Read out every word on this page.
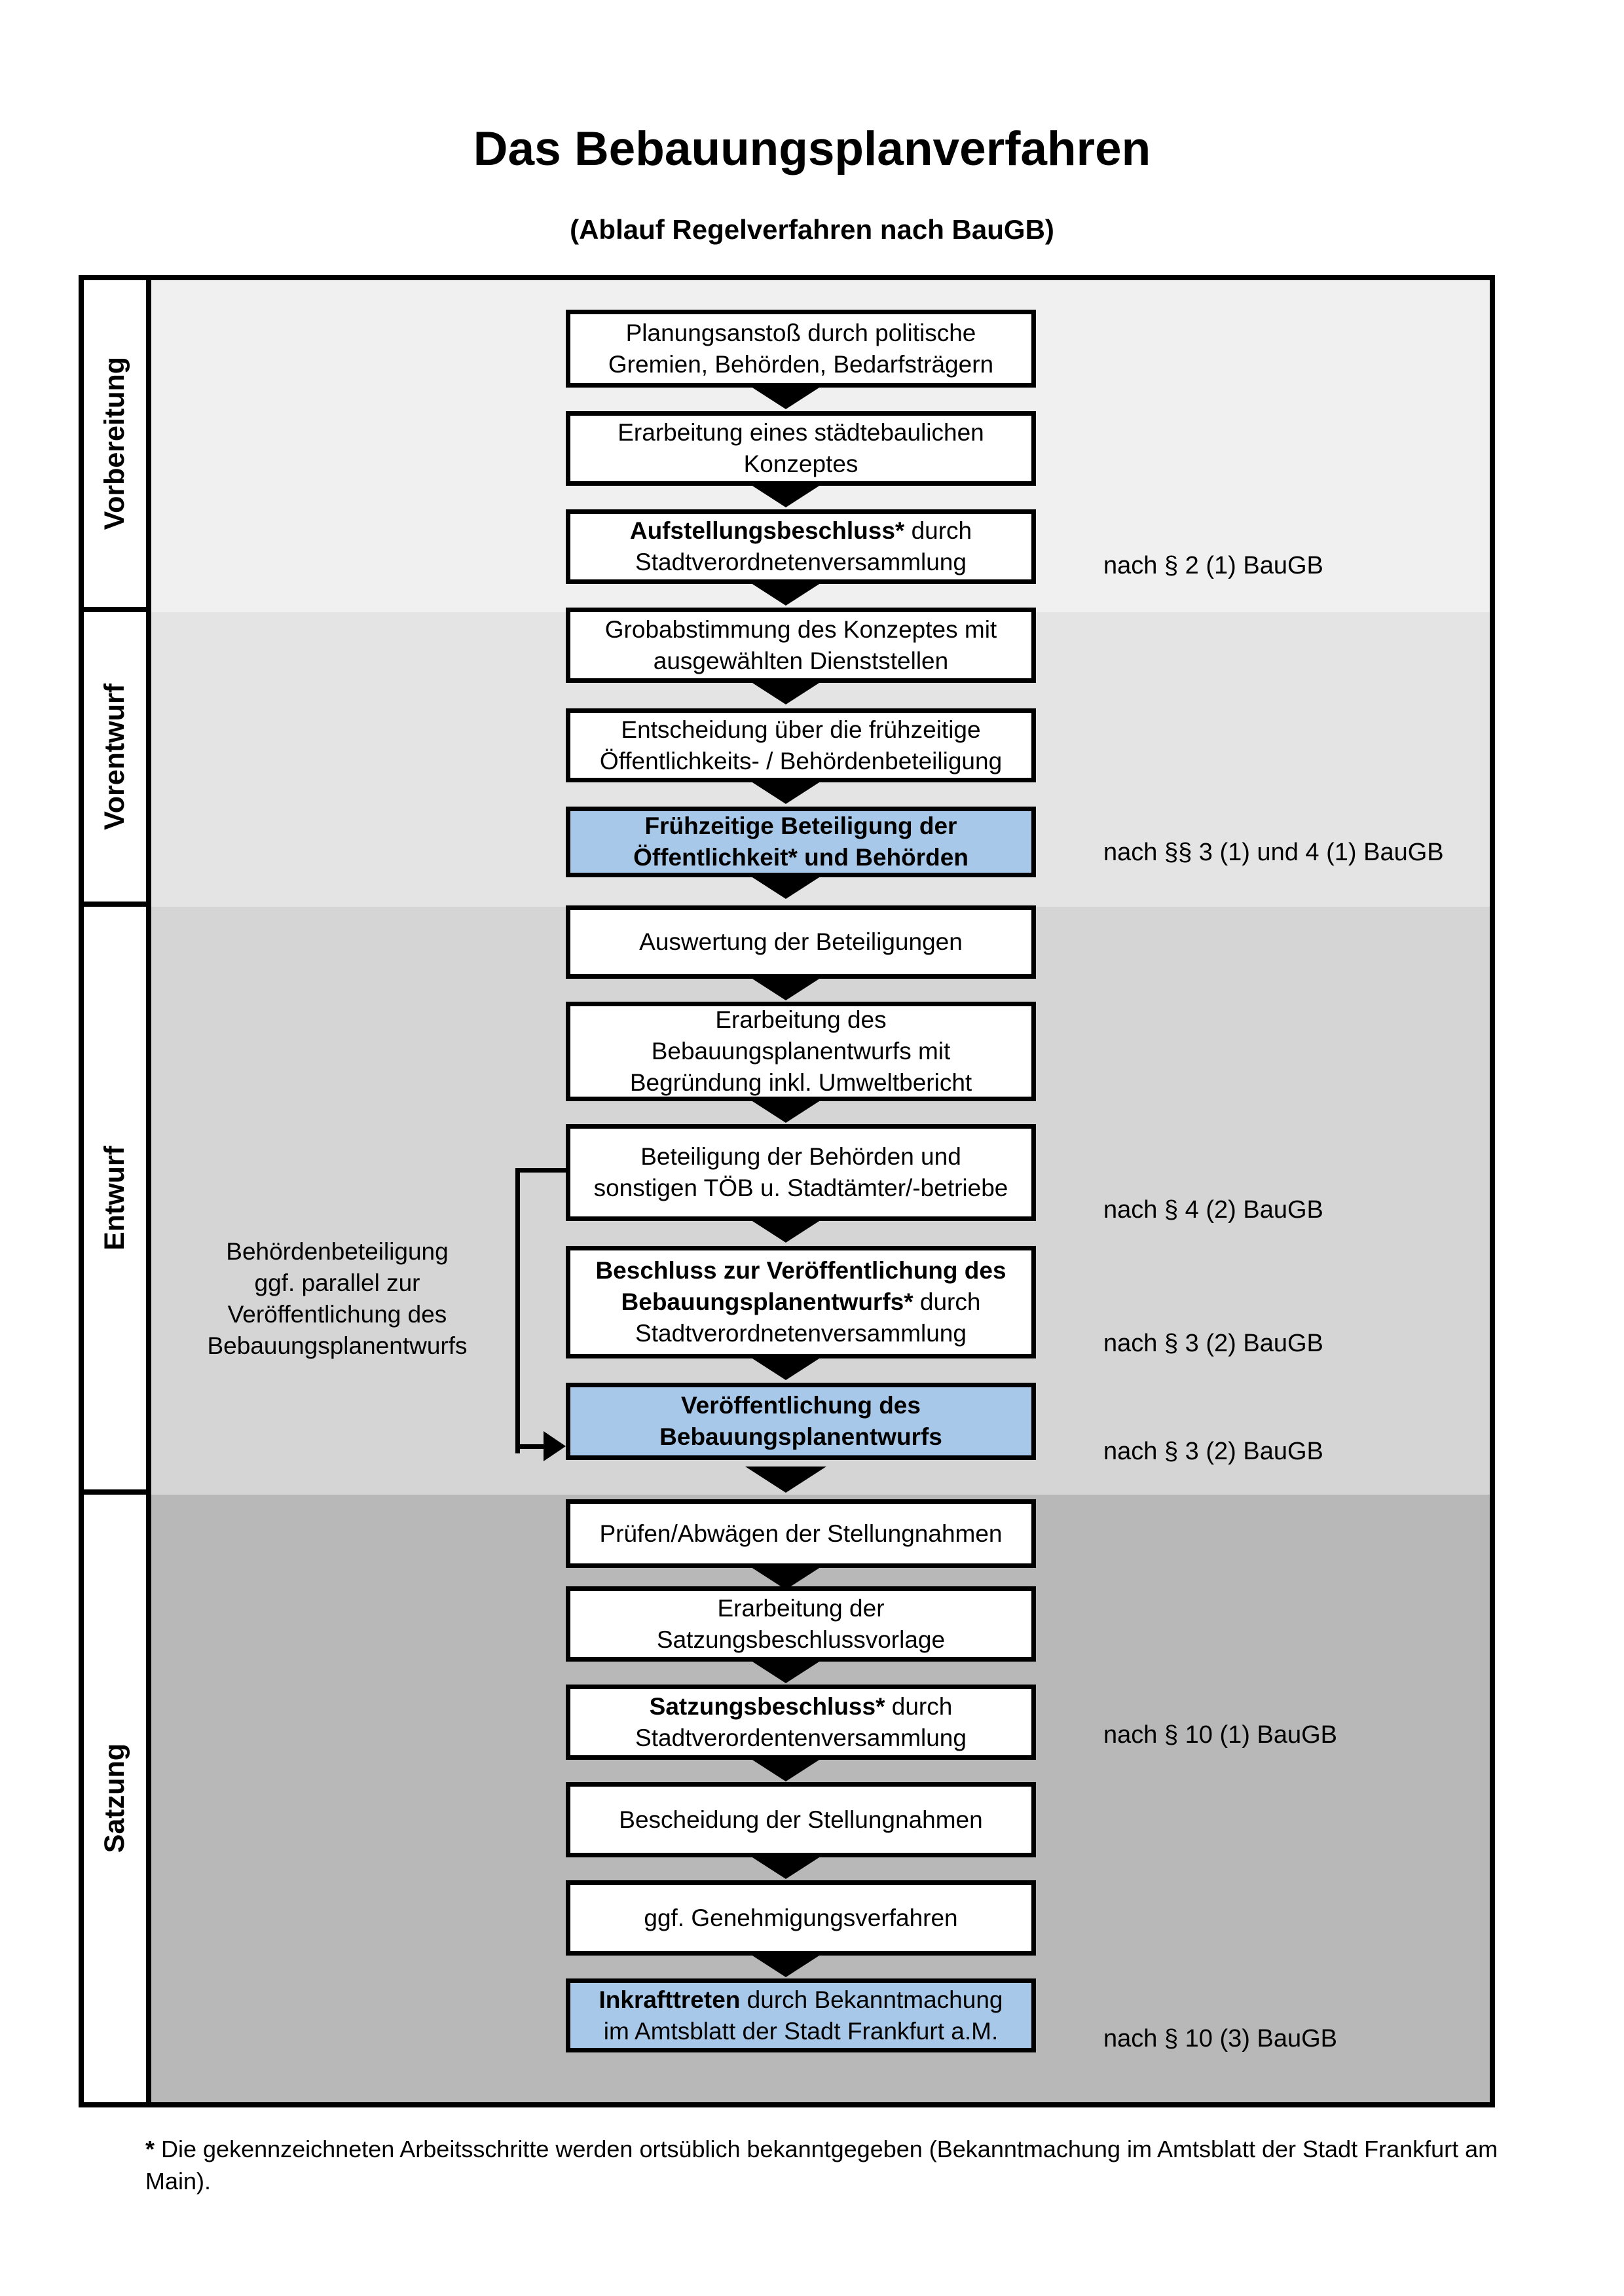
Das Bebauungsplanverfahren
(Ablauf Regelverfahren nach BauGB)
Vorbereitung
Vorentwurf
Entwurf
Satzung
Planungsanstoß durch politische
Gremien, Behörden, Bedarfsträgern
Erarbeitung eines städtebaulichen
Konzeptes
Aufstellungsbeschluss* durch
Stadtverordnetenversammlung
Grobabstimmung des Konzeptes mit
ausgewählten Dienststellen
Entscheidung über die frühzeitige
Öffentlichkeits- / Behördenbeteiligung
Frühzeitige Beteiligung der
Öffentlichkeit* und Behörden
Auswertung der Beteiligungen
Erarbeitung des
Bebauungsplanentwurfs mit
Begründung inkl. Umweltbericht
Beteiligung der Behörden und
sonstigen TÖB u. Stadtämter/-betriebe
Beschluss zur Veröffentlichung des
Bebauungsplanentwurfs* durch
Stadtverordnetenversammlung
Veröffentlichung des
Bebauungsplanentwurfs
Prüfen/Abwägen der Stellungnahmen
Erarbeitung der
Satzungsbeschlussvorlage
Satzungsbeschluss* durch
Stadtverordentenversammlung
Bescheidung der Stellungnahmen
ggf. Genehmigungsverfahren
Inkrafttreten durch Bekanntmachung
im Amtsblatt der Stadt Frankfurt a.M.
Behördenbeteiligung
ggf. parallel zur
Veröffentlichung des
Bebauungsplanentwurfs
nach § 2 (1) BauGB
nach §§ 3 (1) und 4 (1) BauGB
nach § 4 (2) BauGB
nach § 3 (2) BauGB
nach § 3 (2) BauGB
nach § 10 (1) BauGB
nach § 10 (3) BauGB
* Die gekennzeichneten Arbeitsschritte werden ortsüblich bekanntgegeben (Bekanntmachung im Amtsblatt der Stadt Frankfurt am Main).
